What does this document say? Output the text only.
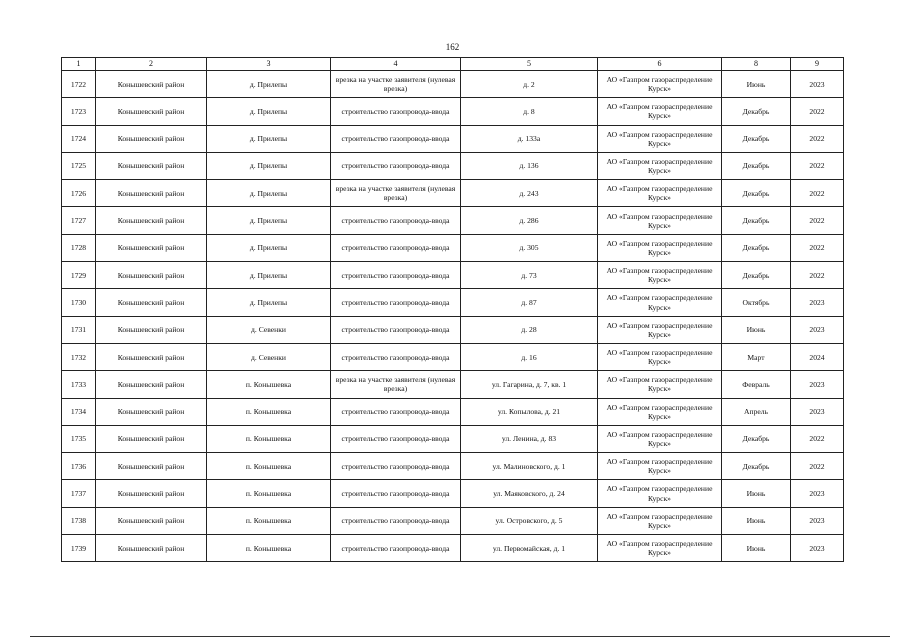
162
1	2	3	4	5	6	8	9
1722	Конышевский район	д. Прилепы	врезка на участке заявителя (нулевая врезка)	д. 2	АО «Газпром газораспределение Курск»	Июнь	2023
1723	Конышевский район	д. Прилепы	строительство газопровода-ввода	д. 8	АО «Газпром газораспределение Курск»	Декабрь	2022
1724	Конышевский район	д. Прилепы	строительство газопровода-ввода	д. 133а	АО «Газпром газораспределение Курск»	Декабрь	2022
1725	Конышевский район	д. Прилепы	строительство газопровода-ввода	д. 136	АО «Газпром газораспределение Курск»	Декабрь	2022
1726	Конышевский район	д. Прилепы	врезка на участке заявителя (нулевая врезка)	д. 243	АО «Газпром газораспределение Курск»	Декабрь	2022
1727	Конышевский район	д. Прилепы	строительство газопровода-ввода	д. 286	АО «Газпром газораспределение Курск»	Декабрь	2022
1728	Конышевский район	д. Прилепы	строительство газопровода-ввода	д. 305	АО «Газпром газораспределение Курск»	Декабрь	2022
1729	Конышевский район	д. Прилепы	строительство газопровода-ввода	д. 73	АО «Газпром газораспределение Курск»	Декабрь	2022
1730	Конышевский район	д. Прилепы	строительство газопровода-ввода	д. 87	АО «Газпром газораспределение Курск»	Октябрь	2023
1731	Конышевский район	д. Севенки	строительство газопровода-ввода	д. 28	АО «Газпром газораспределение Курск»	Июнь	2023
1732	Конышевский район	д. Севенки	строительство газопровода-ввода	д. 16	АО «Газпром газораспределение Курск»	Март	2024
1733	Конышевский район	п. Конышевка	врезка на участке заявителя (нулевая врезка)	ул. Гагарина, д. 7, кв. 1	АО «Газпром газораспределение Курск»	Февраль	2023
1734	Конышевский район	п. Конышевка	строительство газопровода-ввода	ул. Копылова, д. 21	АО «Газпром газораспределение Курск»	Апрель	2023
1735	Конышевский район	п. Конышевка	строительство газопровода-ввода	ул. Ленина, д. 83	АО «Газпром газораспределение Курск»	Декабрь	2022
1736	Конышевский район	п. Конышевка	строительство газопровода-ввода	ул. Малиновского, д. 1	АО «Газпром газораспределение Курск»	Декабрь	2022
1737	Конышевский район	п. Конышевка	строительство газопровода-ввода	ул. Маяковского, д. 24	АО «Газпром газораспределение Курск»	Июнь	2023
1738	Конышевский район	п. Конышевка	строительство газопровода-ввода	ул. Островского, д. 5	АО «Газпром газораспределение Курск»	Июнь	2023
1739	Конышевский район	п. Конышевка	строительство газопровода-ввода	ул. Первомайская, д. 1	АО «Газпром газораспределение Курск»	Июнь	2023
